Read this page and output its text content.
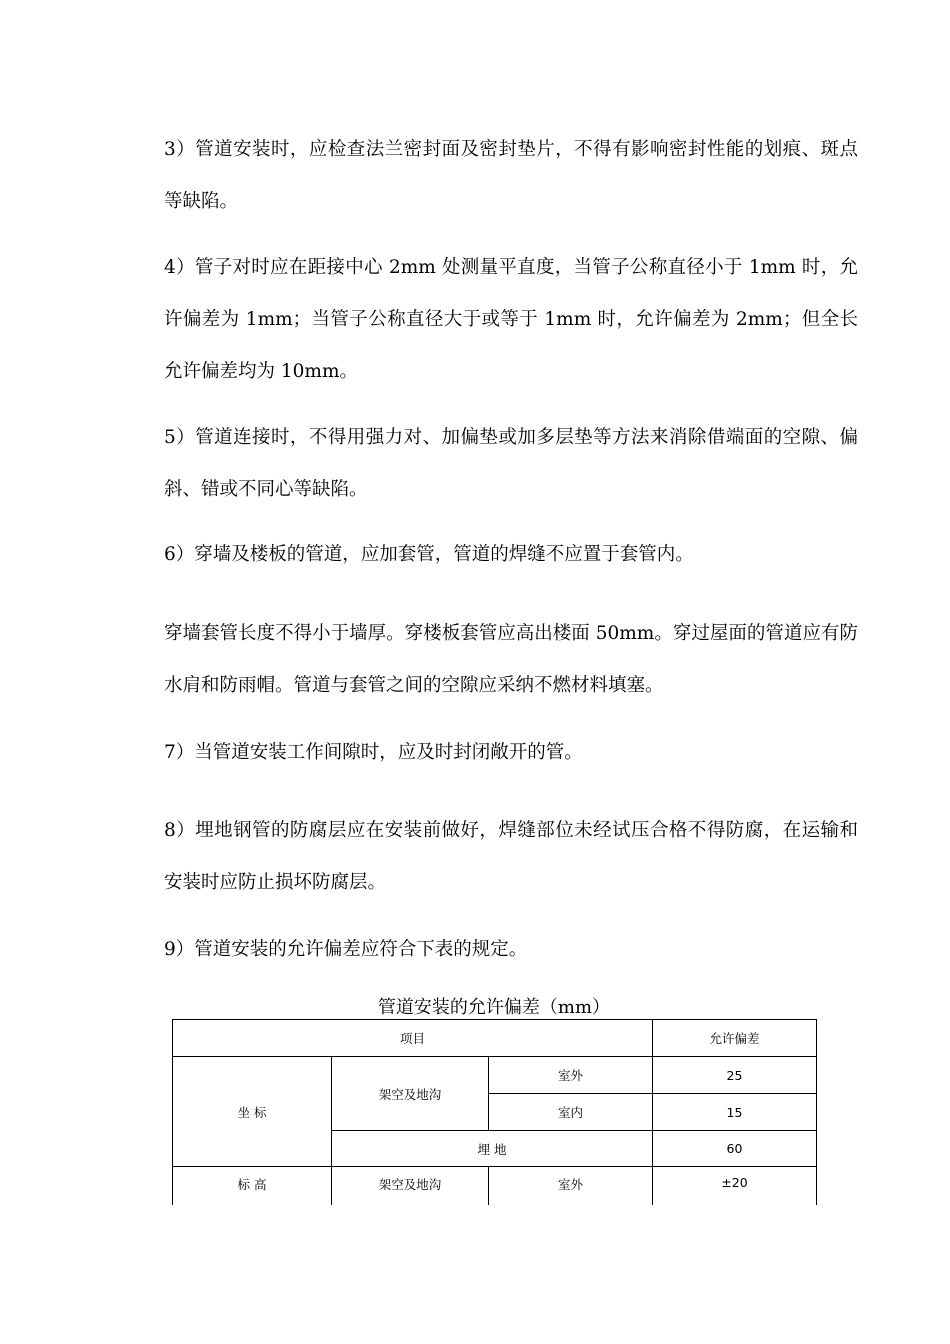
3）管道安装时，应检查法兰密封面及密封垫片，不得有影响密封性能的划痕、斑点等缺陷。

4）管子对时应在距接中心 2mm 处测量平直度，当管子公称直径小于 1mm 时，允许偏差为 1mm；当管子公称直径大于或等于 1mm 时，允许偏差为 2mm；但全长允许偏差均为 10mm。

5）管道连接时，不得用强力对、加偏垫或加多层垫等方法来消除借端面的空隙、偏斜、错或不同心等缺陷。

6）穿墙及楼板的管道，应加套管，管道的焊缝不应置于套管内。

穿墙套管长度不得小于墙厚。穿楼板套管应高出楼面 50mm。穿过屋面的管道应有防水肩和防雨帽。管道与套管之间的空隙应采纳不燃材料填塞。

7）当管道安装工作间隙时，应及时封闭敞开的管。

8）埋地钢管的防腐层应在安装前做好，焊缝部位未经试压合格不得防腐，在运输和安装时应防止损坏防腐层。

9）管道安装的允许偏差应符合下表的规定。

管道安装的允许偏差（mm）
项目			允许偏差
坐 标	架空及地沟	室外	25
		室内	15
	埋 地		60
标 高	架空及地沟	室外	±20
